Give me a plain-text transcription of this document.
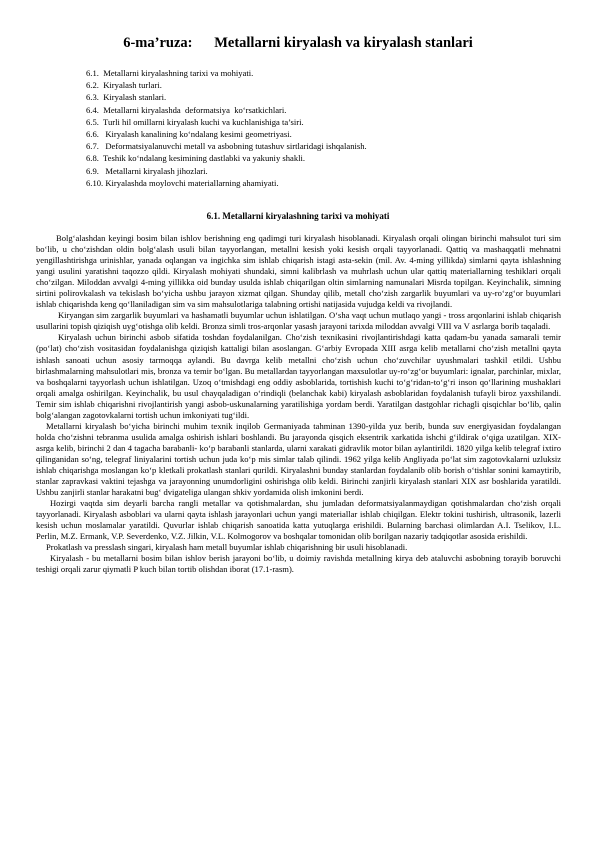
6-ma’ruza:      Metallarni kiryalash va kiryalash stanlari
6.1.  Metallarni kiryalashning tarixi va mohiyati.
6.2.  Kiryalash turlari.
6.3.  Kiryalash stanlari.
6.4.  Metallarni kiryalashda  deformatsiya  ko‘rsatkichlari.
6.5.  Turli hil omillarni kiryalash kuchi va kuchlanishiga ta’siri.
6.6.   Kiryalash kanalining ko‘ndalang kesimi geometriyasi.
6.7.   Deformatsiyalanuvchi metall va asbobning tutashuv sirtlaridagi ishqalanish.
6.8.  Teshik ko‘ndalang kesimining dastlabki va yakuniy shakli.
6.9.   Metallarni kiryalash jihozlari.
6.10. Kiryalashda moylovchi materiallarning ahamiyati.
6.1. Metallarni kiryalashning tarixi va mohiyati

Bolg‘alashdan keyingi bosim bilan ishlov berishning eng qadimgi turi kiryalash hisoblanadi. Kiryalash orqali olingan birinchi mahsulot turi sim bo‘lib, u cho‘zishdan oldin bolg‘alash usuli bilan tayyorlangan, metallni kesish yoki kesish orqali tayyorlanadi. Qattiq va mashaqqatli mehnatni yengillashtirishga urinishlar, yanada oqlangan va ingichka sim ishlab chiqarish istagi asta-sekin (mil. Av. 4-ming yillikda) simlarni qayta ishlashning yangi usulini yaratishni taqozzo qildi. Kiryalash mohiyati shundaki, simni kalibrlash va muhrlash uchun ular qattiq materiallarning teshiklari orqali cho‘zilgan. Miloddan avvalgi 4-ming yillikka oid bunday usulda ishlab chiqarilgan oltin simlarning namunalari Misrda topilgan. Keyinchalik, simning sirtini polirovkalash va tekislash bo‘yicha ushbu jarayon xizmat qilgan. Shunday qilib, metall cho‘zish zargarlik buyumlari va uy-ro‘zg‘or buyumlari ishlab chiqarishda keng qo‘llaniladigan sim va sim mahsulotlariga talabning ortishi natijasida vujudga keldi va rivojlandi.

Kiryangan sim zargarlik buyumlari va hashamatli buyumlar uchun ishlatilgan. O‘sha vaqt uchun mutlaqo yangi - tross arqonlarini ishlab chiqarish usullarini topish qiziqish uyg‘otishga olib keldi. Bronza simli tros-arqonlar yasash jarayoni tarixda miloddan avvalgi VIII va V asrlarga borib taqaladi.

Kiryalash uchun birinchi asbob sifatida toshdan foydalanilgan. Cho‘zish texnikasini rivojlantirishdagi katta qadam-bu yanada samarali temir (po‘lat) cho‘zish vositasidan foydalanishga qiziqish kattaligi bilan asoslangan. G‘arbiy Evropada XIII asrga kelib metallarni cho‘zish metallni qayta ishlash sanoati uchun asosiy tarmoqqa aylandi. Bu davrga kelib metallni cho‘zish uchun cho‘zuvchilar uyushmalari tashkil etildi. Ushbu birlashmalarning mahsulotlari mis, bronza va temir bo‘lgan. Bu metallardan tayyorlangan maxsulotlar uy-ro‘zg‘or buyumlari: ignalar, parchinlar, mixlar, va boshqalarni tayyorlash uchun ishlatilgan. Uzoq o‘tmishdagi eng oddiy asboblarida, tortishish kuchi to‘g‘ridan-to‘g‘ri inson qo‘llarining mushaklari orqali amalga oshirilgan. Keyinchalik, bu usul chayqaladigan o‘rindiqli (belanchak kabi) kiryalash asboblaridan foydalanish tufayli biroz yaxshilandi. Temir sim ishlab chiqarishni rivojlantirish yangi asbob-uskunalarning yaratilishiga yordam berdi. Yaratilgan dastgohlar richagli qisqichlar bo‘lib, qalin bolg‘alangan zagotovkalarni tortish uchun imkoniyati tug‘ildi.

Metallarni kiryalash bo‘yicha birinchi muhim texnik inqilob Germaniyada tahminan 1390-yilda yuz berib, bunda suv energiyasidan foydalangan holda cho‘zishni tebranma usulida amalga oshirish ishlari boshlandi. Bu jarayonda qisqich eksentrik xarkatida ishchi g‘ildirak o‘qiga uzatilgan. XIX-asrga kelib, birinchi 2 dan 4 tagacha barabanli- ko‘p barabanli stanlarda, ularni xarakati gidravlik motor bilan aylantirildi. 1820 yilga kelib telegraf ixtiro qilinganidan so‘ng, telegraf liniyalarini tortish uchun juda ko‘p mis simlar talab qilindi. 1962 yilga kelib Angliyada po‘lat sim zagotovkalarni uzluksiz ishlab chiqarishga moslangan ko‘p kletkali prokatlash stanlari qurildi. Kiryalashni bunday stanlardan foydalanib olib borish o‘tishlar sonini kamaytirib, stanlar zapravkasi vaktini tejashga va jarayonning unumdorligini oshirishga olib keldi. Birinchi zanjirli kiryalash stanlari XIX asr boshlarida yaratildi. Ushbu zanjirli stanlar harakatni bug‘ dvigateliga ulangan shkiv yordamida olish imkonini berdi.

Hozirgi vaqtda sim deyarli barcha rangli metallar va qotishmalardan, shu jumladan deformatsiyalanmaydigan qotishmalardan cho‘zish orqali tayyorlanadi. Kiryalash asboblari va ularni qayta ishlash jarayonlari uchun yangi materiallar ishlab chiqilgan. Elektr tokini tushirish, ultrasonik, lazerli kesish uchun moslamalar yaratildi. Quvurlar ishlab chiqarish sanoatida katta yutuqlarga erishildi. Bularning barchasi olimlardan A.I. Tselikov, I.L. Perlin, M.Z. Ermank, V.P. Severdenko, V.Z. Jilkin, V.L. Kolmogorov va boshqalar tomonidan olib borilgan nazariy tadqiqotlar asosida erishildi.

Prokatlash va presslash singari, kiryalash ham metall buyumlar ishlab chiqarishning bir usuli hisoblanadi.

Kiryalash - bu metallarni bosim bilan ishlov berish jarayoni bo‘lib, u doimiy ravishda metallning kirya deb ataluvchi asbobning torayib boruvchi teshigi orqali zarur qiymatli P kuch bilan tortib olishdan iborat (17.1-rasm).
